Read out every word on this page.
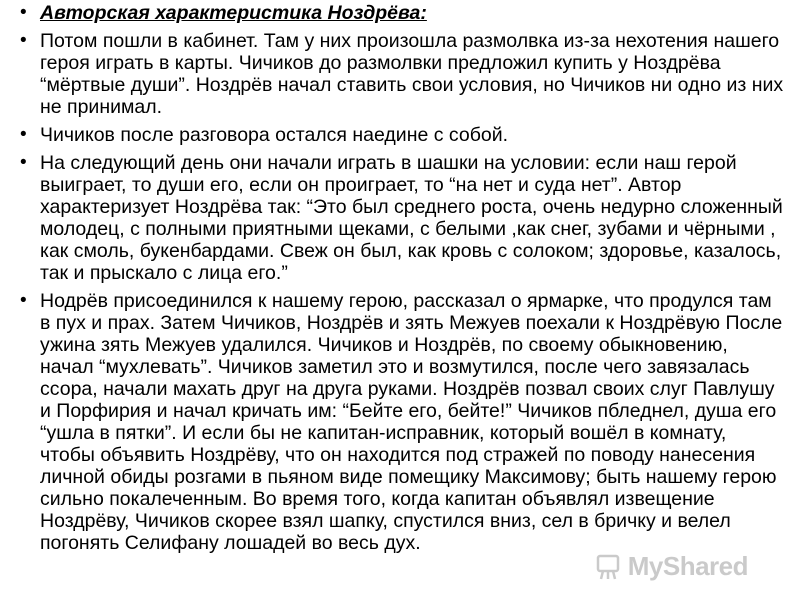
• Авторская характеристика Ноздрёва:
• Потом пошли в кабинет. Там у них произошла размолвка из-за нехотения нашего героя играть в карты. Чичиков до размолвки предложил купить у Ноздрёва “мёртвые души”. Ноздрёв начал ставить свои условия, но Чичиков ни одно из них не принимал.
• Чичиков после разговора остался наедине с собой.
• На следующий день они начали играть в шашки на условии: если наш герой выиграет, то души его, если он проиграет, то “на нет и суда нет”. Автор характеризует Ноздрёва так: “Это был среднего роста, очень недурно сложенный молодец, с полными приятными щеками, с белыми ,как снег, зубами и чёрными , как смоль, букенбардами. Свеж он был, как кровь с солоком; здоровье, казалось, так и прыскало с лица его.”
• Нодрёв присоединился к нашему герою, рассказал о ярмарке, что продулся там в пух и прах. Затем Чичиков, Ноздрёв и зять Межуев поехали к Ноздрёвую После ужина зять Межуев удалился. Чичиков и Ноздрёв, по своему обыкновению, начал “мухлевать”. Чичиков заметил это и возмутился, после чего завязалась ссора, начали махать друг на друга руками. Ноздрёв позвал своих слуг Павлушу и Порфирия и начал кричать им: “Бейте его, бейте!” Чичиков пбледнел, душа его “ушла в пятки”. И если бы не капитан-исправник, который вошёл в комнату, чтобы объявить Ноздрёву, что он находится под стражей по поводу нанесения личной обиды розгами в пьяном виде помещику Максимову; быть нашему герою сильно покалеченным. Во время того, когда капитан объявлял извещение Ноздрёву, Чичиков скорее взял шапку, спустился вниз, сел в бричку и велел погонять Селифану лошадей во весь дух.
MyShared
